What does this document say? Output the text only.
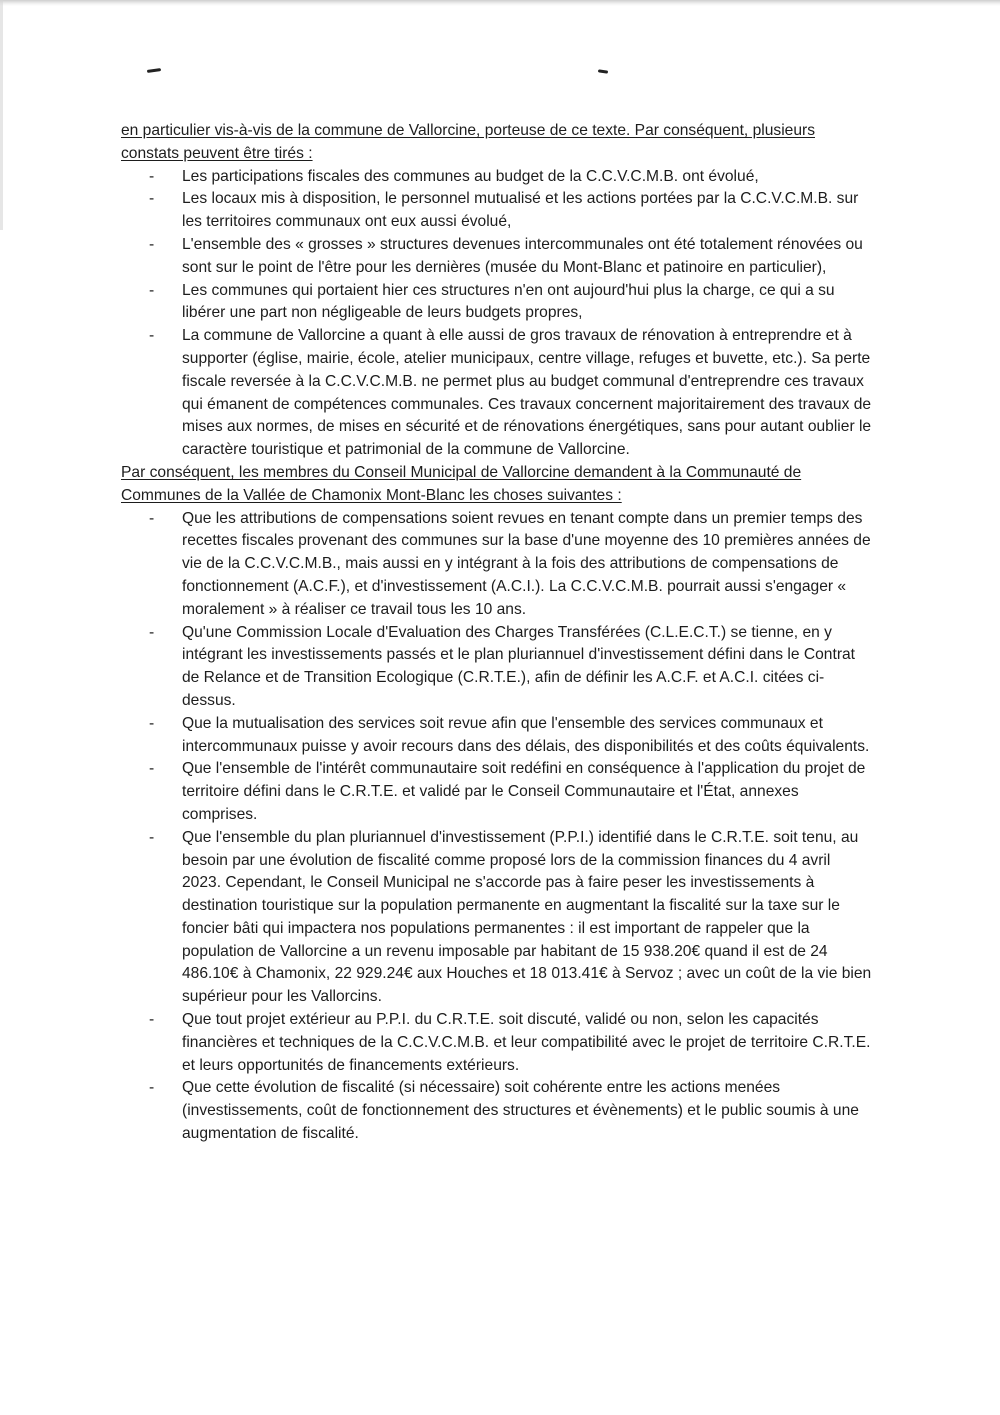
en particulier vis-à-vis de la commune de Vallorcine, porteuse de ce texte. Par conséquent, plusieurs constats peuvent être tirés :
- Les participations fiscales des communes au budget de la C.C.V.C.M.B. ont évolué,
- Les locaux mis à disposition, le personnel mutualisé et les actions portées par la C.C.V.C.M.B. sur les territoires communaux ont eux aussi évolué,
- L'ensemble des « grosses » structures devenues intercommunales ont été totalement rénovées ou sont sur le point de l'être pour les dernières (musée du Mont-Blanc et patinoire en particulier),
- Les communes qui portaient hier ces structures n'en ont aujourd'hui plus la charge, ce qui a su libérer une part non négligeable de leurs budgets propres,
- La commune de Vallorcine a quant à elle aussi de gros travaux de rénovation à entreprendre et à supporter (église, mairie, école, atelier municipaux, centre village, refuges et buvette, etc.). Sa perte fiscale reversée à la C.C.V.C.M.B. ne permet plus au budget communal d'entreprendre ces travaux qui émanent de compétences communales. Ces travaux concernent majoritairement des travaux de mises aux normes, de mises en sécurité et de rénovations énergétiques, sans pour autant oublier le caractère touristique et patrimonial de la commune de Vallorcine.
Par conséquent, les membres du Conseil Municipal de Vallorcine demandent à la Communauté de Communes de la Vallée de Chamonix Mont-Blanc les choses suivantes :
- Que les attributions de compensations soient revues en tenant compte dans un premier temps des recettes fiscales provenant des communes sur la base d'une moyenne des 10 premières années de vie de la C.C.V.C.M.B., mais aussi en y intégrant à la fois des attributions de compensations de fonctionnement (A.C.F.), et d'investissement (A.C.I.). La C.C.V.C.M.B. pourrait aussi s'engager « moralement » à réaliser ce travail tous les 10 ans.
- Qu'une Commission Locale d'Evaluation des Charges Transférées (C.L.E.C.T.) se tienne, en y intégrant les investissements passés et le plan pluriannuel d'investissement défini dans le Contrat de Relance et de Transition Ecologique (C.R.T.E.), afin de définir les A.C.F. et A.C.I. citées ci-dessus.
- Que la mutualisation des services soit revue afin que l'ensemble des services communaux et intercommunaux puisse y avoir recours dans des délais, des disponibilités et des coûts équivalents.
- Que l'ensemble de l'intérêt communautaire soit redéfini en conséquence à l'application du projet de territoire défini dans le C.R.T.E. et validé par le Conseil Communautaire et l'État, annexes comprises.
- Que l'ensemble du plan pluriannuel d'investissement (P.P.I.) identifié dans le C.R.T.E. soit tenu, au besoin par une évolution de fiscalité comme proposé lors de la commission finances du 4 avril 2023. Cependant, le Conseil Municipal ne s'accorde pas à faire peser les investissements à destination touristique sur la population permanente en augmentant la fiscalité sur la taxe sur le foncier bâti qui impactera nos populations permanentes : il est important de rappeler que la population de Vallorcine a un revenu imposable par habitant de 15 938.20€ quand il est de 24 486.10€ à Chamonix, 22 929.24€ aux Houches et 18 013.41€ à Servoz ; avec un coût de la vie bien supérieur pour les Vallorcins.
- Que tout projet extérieur au P.P.I. du C.R.T.E. soit discuté, validé ou non, selon les capacités financières et techniques de la C.C.V.C.M.B. et leur compatibilité avec le projet de territoire C.R.T.E. et leurs opportunités de financements extérieurs.
- Que cette évolution de fiscalité (si nécessaire) soit cohérente entre les actions menées (investissements, coût de fonctionnement des structures et évènements) et le public soumis à une augmentation de fiscalité.
